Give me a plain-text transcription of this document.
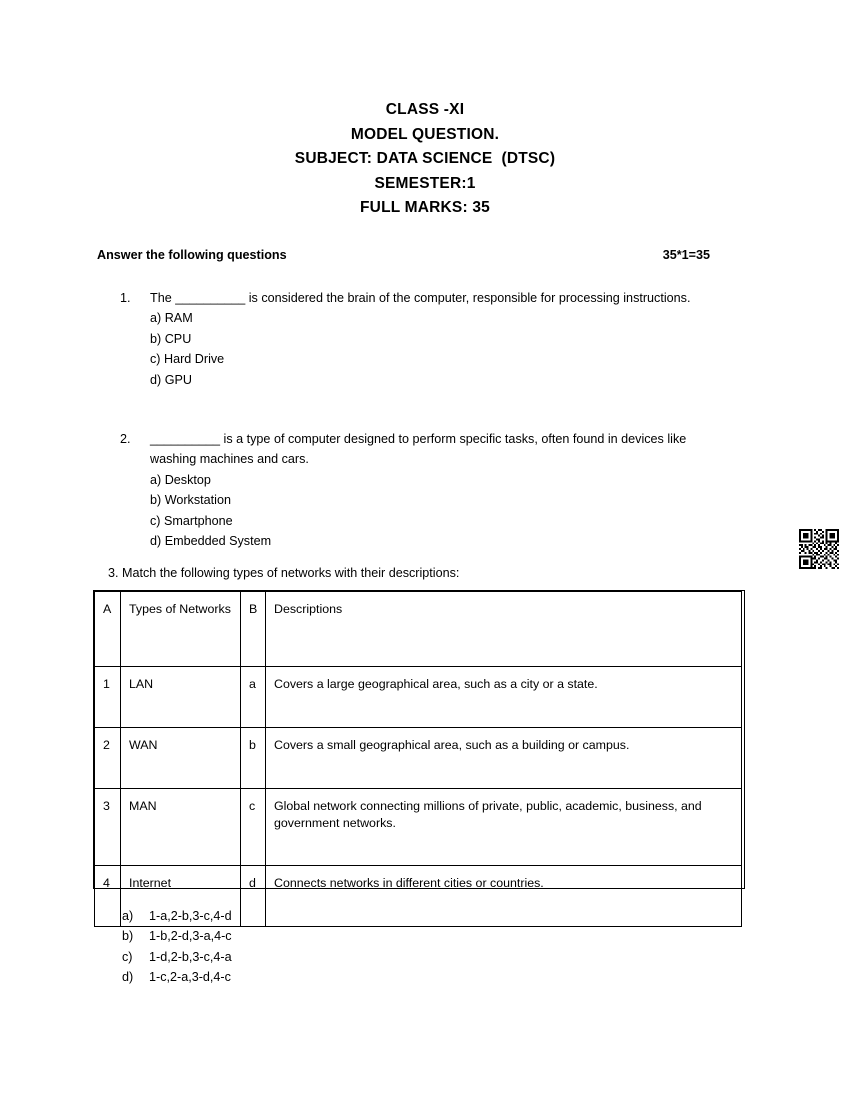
CLASS -XI
MODEL QUESTION.
SUBJECT: DATA SCIENCE  (DTSC)
SEMESTER:1
FULL MARKS: 35
Answer the following questions	35*1=35
1.	The __________ is considered the brain of the computer, responsible for processing instructions.
a) RAM
b) CPU
c) Hard Drive
d) GPU
2.	__________ is a type of computer designed to perform specific tasks, often found in devices like washing machines and cars.
a) Desktop
b) Workstation
c) Smartphone
d) Embedded System
3. Match the following types of networks with their descriptions:
A	Types of Networks	B	Descriptions
1	LAN	a	Covers a large geographical area, such as a city or a state.
2	WAN	b	Covers a small geographical area, such as a building or campus.
3	MAN	c	Global network connecting millions of private, public, academic, business, and government networks.
4	Internet	d	Connects networks in different cities or countries.
a)	1-a,2-b,3-c,4-d
b)	1-b,2-d,3-a,4-c
c)	1-d,2-b,3-c,4-a
d)	1-c,2-a,3-d,4-c
